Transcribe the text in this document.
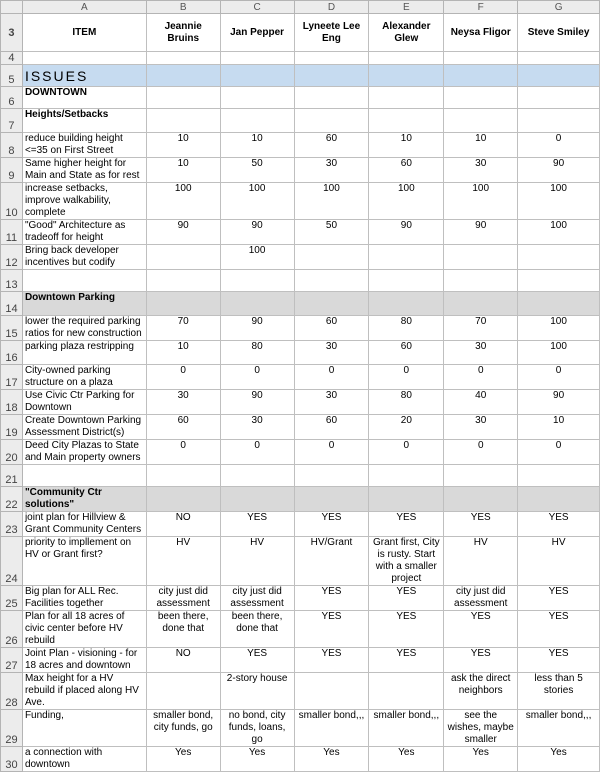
	A	B	C	D	E	F	G
3	ITEM	Jeannie Bruins	Jan Pepper	Lyneete Lee Eng	Alexander Glew	Neysa Fligor	Steve Smiley
4							
5	ISSUES						
6	DOWNTOWN						
7	Heights/Setbacks						
8	reduce building height <=35 on First Street	10	10	60	10	10	0
9	Same higher height for Main and State as for rest	10	50	30	60	30	90
10	increase setbacks, improve walkability, complete	100	100	100	100	100	100
11	"Good" Architecture as tradeoff for height	90	90	50	90	90	100
12	Bring back developer incentives but codify		100				
13							
14	Downtown Parking						
15	lower the required parking ratios for new construction	70	90	60	80	70	100
16	parking plaza restripping	10	80	30	60	30	100
17	City-owned parking structure on a plaza	0	0	0	0	0	0
18	Use Civic Ctr Parking for Downtown	30	90	30	80	40	90
19	Create Downtown Parking Assessment District(s)	60	30	60	20	30	10
20	Deed City Plazas to State and Main property owners	0	0	0	0	0	0
21							
22	"Community Ctr solutions"						
23	joint plan for Hillview & Grant Community Centers	NO	YES	YES	YES	YES	YES
24	priority to impllement on HV or Grant first?	HV	HV	HV/Grant	Grant first, City is rusty. Start with a smaller project	HV	HV
25	Big plan for ALL Rec. Facilities together	city just did assessment	city just did assessment	YES	YES	city just did assessment	YES
26	Plan for all 18 acres of civic center before HV rebuild	been there, done that	been there, done that	YES	YES	YES	YES
27	Joint Plan - visioning - for 18 acres and downtown	NO	YES	YES	YES	YES	YES
28	Max height for a HV rebuild if placed along HV Ave.		2-story house			ask the direct neighbors	less than 5 stories
29	Funding,	smaller bond, city funds, go	no bond, city funds, loans, go	smaller bond,,,	smaller bond,,,	see the wishes, maybe smaller	smaller bond,,,
30	a connection with downtown	Yes	Yes	Yes	Yes	Yes	Yes
